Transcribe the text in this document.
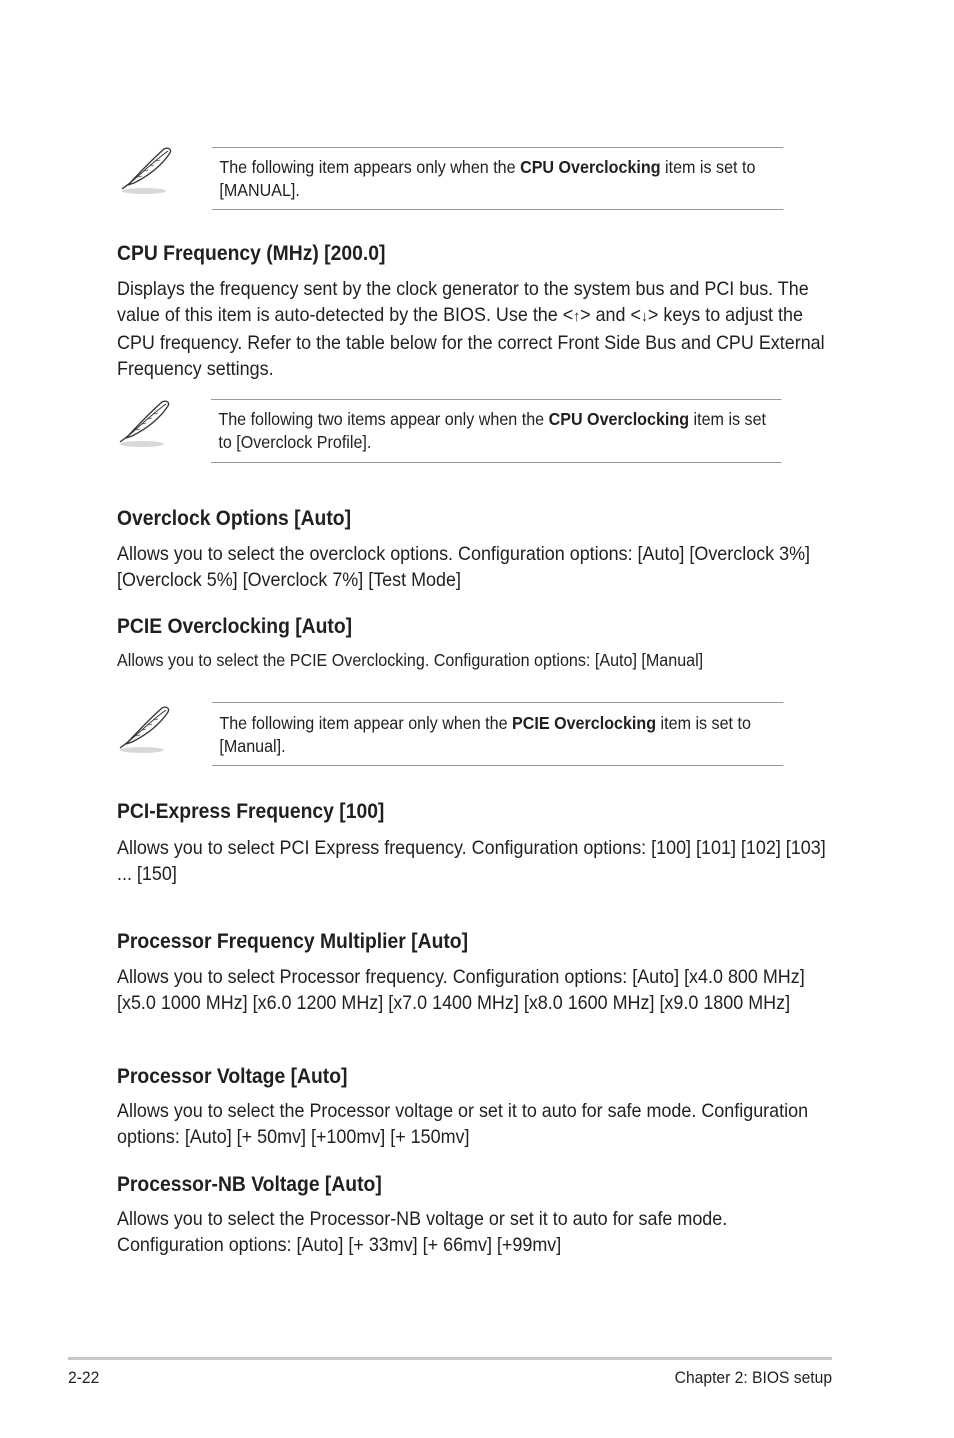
The following item appears only when the CPU Overclocking item is set to [MANUAL].
CPU Frequency (MHz) [200.0]

Displays the frequency sent by the clock generator to the system bus and PCI bus. The value of this item is auto-detected by the BIOS. Use the <↑> and <↓> keys to adjust the CPU frequency. Refer to the table below for the correct Front Side Bus and CPU External Frequency settings.

The following two items appear only when the CPU Overclocking item is set to [Overclock Profile].
Overclock Options [Auto]

Allows you to select the overclock options. Configuration options: [Auto] [Overclock 3%] [Overclock 5%] [Overclock 7%] [Test Mode]

PCIE Overclocking [Auto]

Allows you to select the PCIE Overclocking. Configuration options: [Auto] [Manual]

The following item appear only when the PCIE Overclocking item is set to [Manual].
PCI-Express Frequency [100]

Allows you to select PCI Express frequency. Configuration options: [100] [101] [102] [103] ... [150]

Processor Frequency Multiplier [Auto]

Allows you to select Processor frequency. Configuration options: [Auto] [x4.0 800 MHz] [x5.0 1000 MHz] [x6.0 1200 MHz] [x7.0 1400 MHz] [x8.0 1600 MHz] [x9.0 1800 MHz]

Processor Voltage [Auto]

Allows you to select the Processor voltage or set it to auto for safe mode. Configuration options: [Auto] [+ 50mv] [+100mv] [+ 150mv]

Processor-NB Voltage [Auto]

Allows you to select the Processor-NB voltage or set it to auto for safe mode. Configuration options: [Auto] [+ 33mv] [+ 66mv] [+99mv]

2-22	Chapter 2: BIOS setup
